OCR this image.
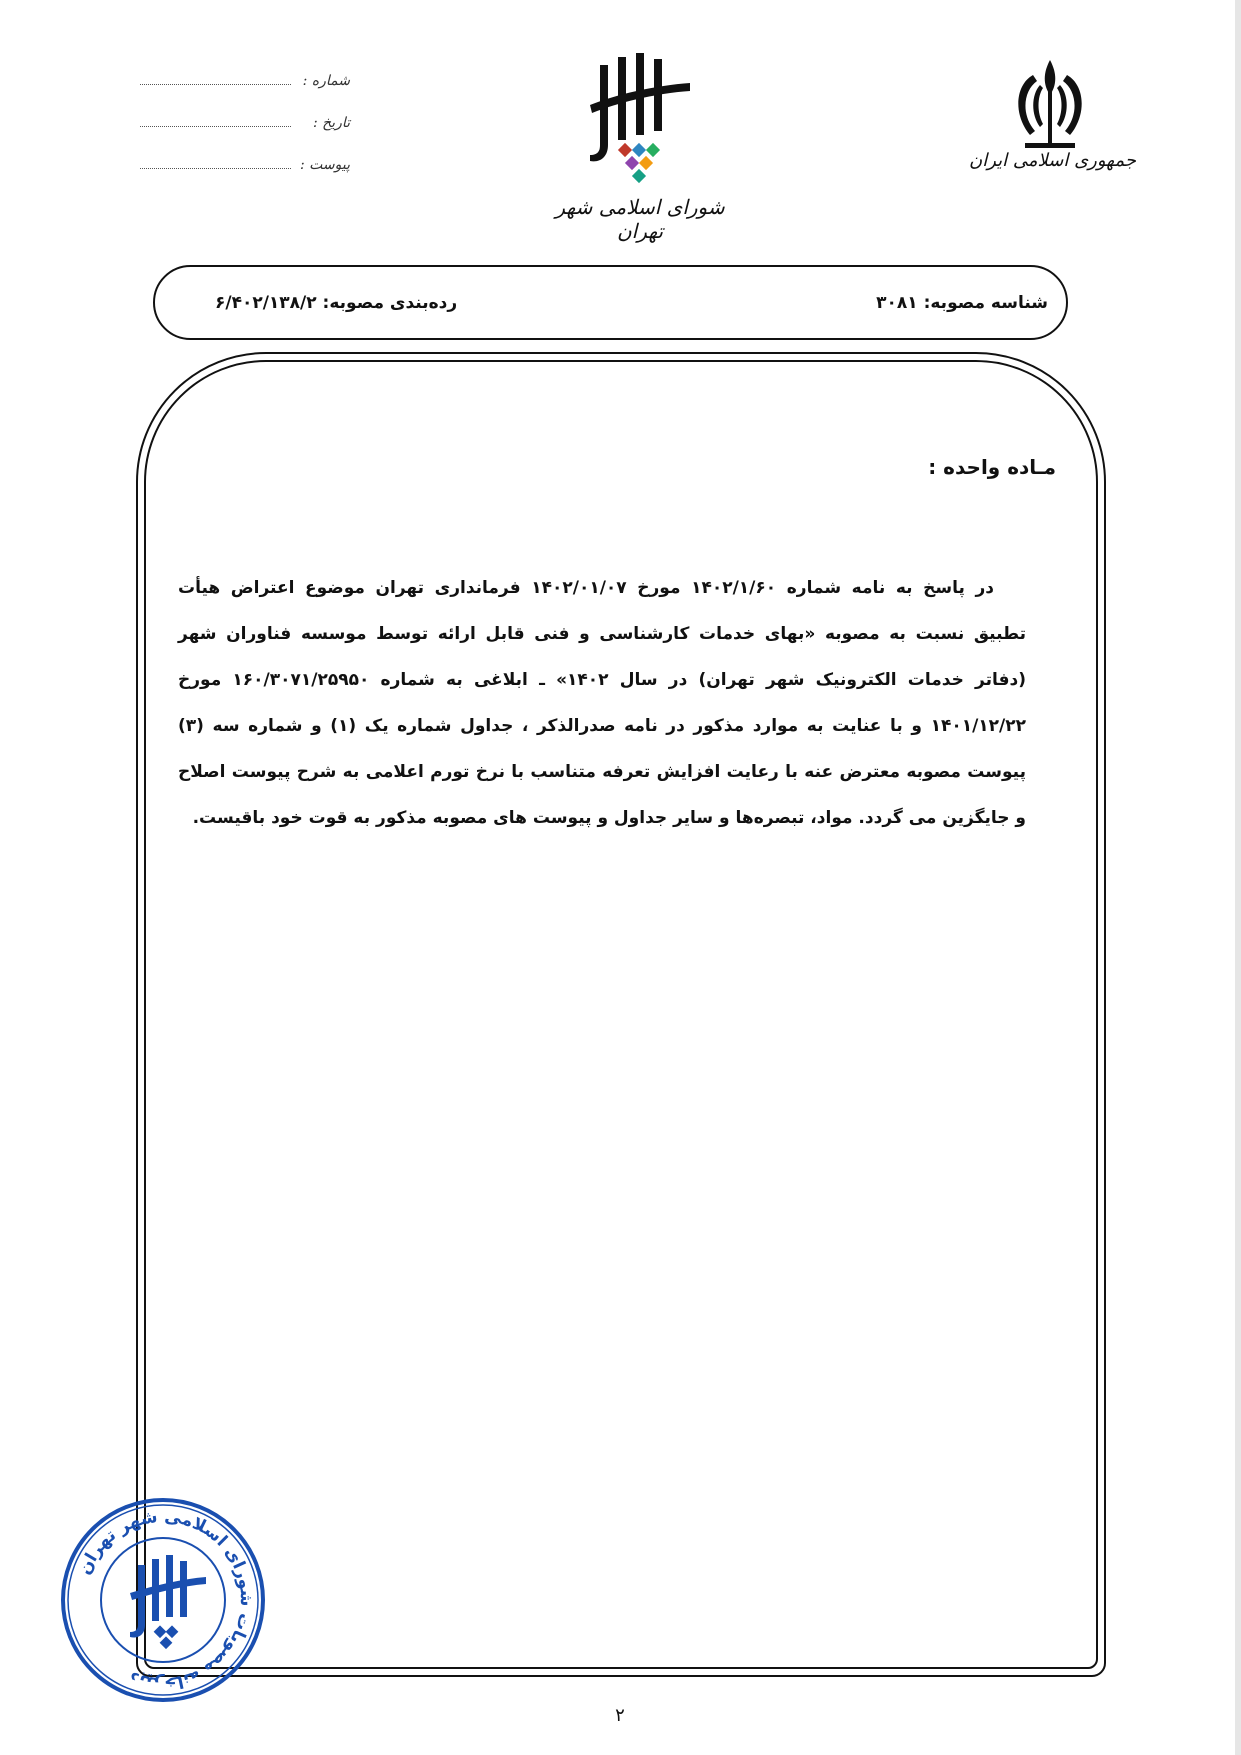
جمهوری اسلامی ایران
شورای اسلامی شهر تهران
شماره :
تاریخ :
پیوست :
شناسه مصوبه: ۳۰۸۱
رده‌بندی مصوبه: ۶/۴۰۲/۱۳۸/۲
مـاده واحده :
در پاسخ به نامه شماره ۱۴۰۲/۱/۶۰ مورخ ۱۴۰۲/۰۱/۰۷ فرمانداری تهران موضوع اعتراض هیأت تطبیق نسبت به مصوبه «بهای خدمات کارشناسی و فنی قابل ارائه توسط موسسه فناوران شهر (دفاتر خدمات الکترونیک شهر تهران) در سال ۱۴۰۲» ـ ابلاغی به شماره ۱۶۰/۳۰۷۱/۲۵۹۵۰ مورخ ۱۴۰۱/۱۲/۲۲ و با عنایت به موارد مذکور در نامه صدرالذکر ، جداول شماره یک (۱) و شماره سه (۳) پیوست مصوبه معترض عنه با رعایت افزایش تعرفه متناسب با نرخ تورم اعلامی به شرح پیوست اصلاح و جایگزین می گردد. مواد، تبصره‌ها و سایر جداول و پیوست های مصوبه مذکور به قوت خود باقیست.
دبیرخانه مصوبات شورای اسلامی شهر تهران
۲
